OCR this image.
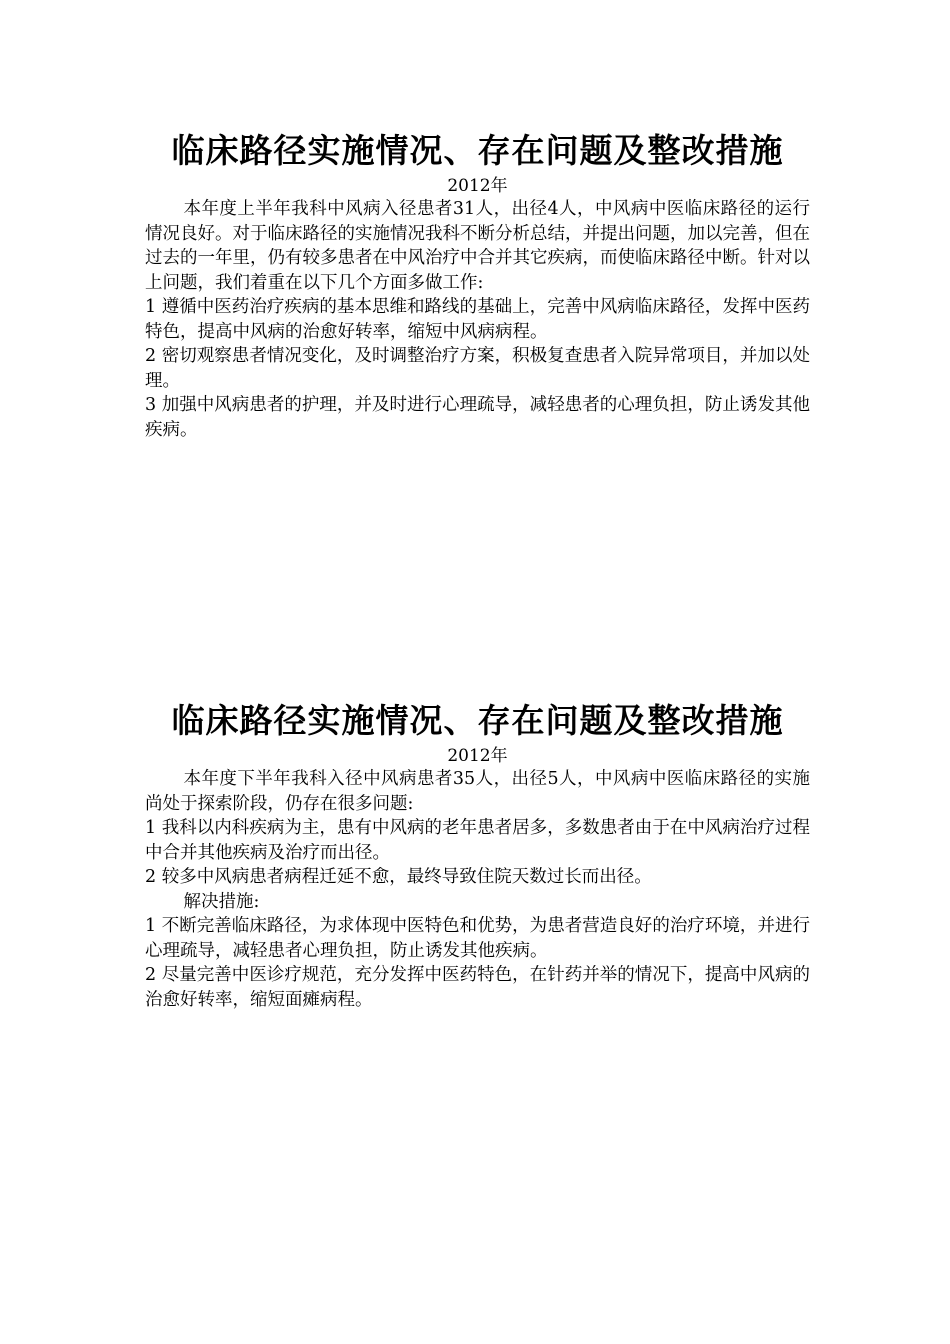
临床路径实施情况、存在问题及整改措施

2012年

本年度上半年我科中风病入径患者31人，出径4人，中风病中医临床路径的运行情况良好。对于临床路径的实施情况我科不断分析总结，并提出问题，加以完善，但在过去的一年里，仍有较多患者在中风治疗中合并其它疾病，而使临床路径中断。针对以上问题，我们着重在以下几个方面多做工作:

1 遵循中医药治疗疾病的基本思维和路线的基础上，完善中风病临床路径，发挥中医药特色，提高中风病的治愈好转率，缩短中风病病程。

2 密切观察患者情况变化，及时调整治疗方案，积极复查患者入院异常项目，并加以处理。

3 加强中风病患者的护理，并及时进行心理疏导，减轻患者的心理负担，防止诱发其他疾病。

临床路径实施情况、存在问题及整改措施

2012年

本年度下半年我科入径中风病患者35人，出径5人，中风病中医临床路径的实施尚处于探索阶段，仍存在很多问题:

1 我科以内科疾病为主，患有中风病的老年患者居多，多数患者由于在中风病治疗过程中合并其他疾病及治疗而出径。

2 较多中风病患者病程迁延不愈，最终导致住院天数过长而出径。

解决措施:

1 不断完善临床路径，为求体现中医特色和优势，为患者营造良好的治疗环境，并进行心理疏导，减轻患者心理负担，防止诱发其他疾病。

2 尽量完善中医诊疗规范，充分发挥中医药特色，在针药并举的情况下，提高中风病的治愈好转率，缩短面瘫病程。
